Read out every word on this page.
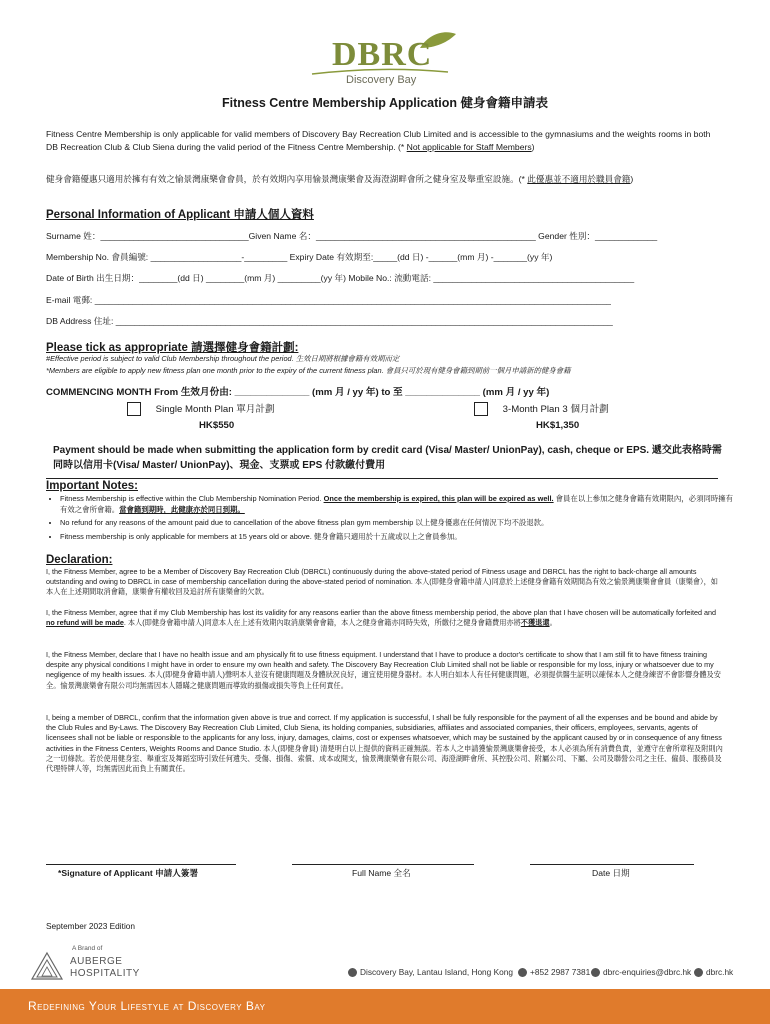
DBRC
Discovery Bay
Fitness Centre Membership Application 健身會籍申請表
Fitness Centre Membership is only applicable for valid members of Discovery Bay Recreation Club Limited and is accessible to the gymnasiums and the weights rooms in both DB Recreation Club & Club Siena during the valid period of the Fitness Centre Membership. (* Not applicable for Staff Members)
健身會籍優惠只適用於擁有有效之愉景灣康樂會會員，於有效期內享用愉景灣康樂會及海澄湖畔會所之健身室及舉重室設施。(* 此優惠並不適用於職員會籍)
Personal Information of Applicant 申請人個人資料
Surname 姓：_______________________________Given Name 名：______________________________________________ Gender 性別：_____________
Membership No. 會員編號: ___________________-_________ Expiry Date 有效期至:_____(dd 日) -______(mm 月) -_______(yy 年)
Date of Birth 出生日期：________(dd 日) ________(mm 月) _________(yy 年) Mobile No.: 流動電話: __________________________________________
E-mail 電郵: ____________________________________________________________________________________________________________
DB Address 住址: ________________________________________________________________________________________________________
Please tick as appropriate 請選擇健身會籍計劃:
#Effective period is subject to valid Club Membership throughout the period. 生效日期將根據會籍有效期而定
*Members are eligible to apply new fitness plan one month prior to the expiry of the current fitness plan. 會員只可於現有健身會籍到期前一個月申請新的健身會籍
COMMENCING MONTH From 生效月份由: ______________ (mm 月 / yy 年) to 至 ______________ (mm 月 / yy 年)
Single Month Plan 單月計劃
HK$550
3-Month Plan 3 個月計劃
HK$1,350
Payment should be made when submitting the application form by credit card (Visa/ Master/ UnionPay), cash, cheque or EPS. 遞交此表格時需同時以信用卡(Visa/ Master/ UnionPay)、現金、支票或 EPS 付款繳付費用
Important Notes:
• Fitness Membership is effective within the Club Membership Nomination Period. Once the membership is expired, this plan will be expired as well. 會員在以上參加之健身會籍有效期限內，必須同時擁有有效之會所會籍。當會籍到期時，此健康亦於同日到期。
• No refund for any reasons of the amount paid due to cancellation of the above fitness plan gym membership 以上健身優惠在任何情況下均不設退款。
• Fitness membership is only applicable for members at 15 years old or above. 健身會籍只適用於十五歲或以上之會員參加。
Declaration:
I, the Fitness Member, agree to be a Member of Discovery Bay Recreation Club (DBRCL) continuously during the above-stated period of Fitness usage and DBRCL has the right to back-charge all amounts outstanding and owing to DBRCL in case of membership cancellation during the above-stated period of nomination. 本人(即健身會籍申請人)同意於上述健身會籍有效期間為有效之愉景灣康樂會會員（康樂會），如本人在上述期間取消會籍，康樂會有權收回及追討所有康樂會的欠款。
I, the Fitness Member, agree that if my Club Membership has lost its validity for any reasons earlier than the above fitness membership period, the above plan that I have chosen will be automatically forfeited and no refund will be made. 本人(即健身會籍申請人)同意本人在上述有效期內取消康樂會會籍，本人之健身會籍亦同時失效，所繳付之健身會籍費用亦將不獲退還。
I, the Fitness Member, declare that I have no health issue and am physically fit to use fitness equipment. I understand that I have to produce a doctor's certificate to show that I am still fit to have fitness training despite any physical conditions I might have in order to ensure my own health and safety. The Discovery Bay Recreation Club Limited shall not be liable or responsible for my loss, injury or whatsoever due to my negligence of my health issues. 本人(即健身會籍申請人)聲明本人並沒有健康問題及身體狀況良好，適宜使用健身器材。本人明白如本人有任何健康問題，必須提供醫生証明以確保本人之健身練習不會影響身體及安全。愉景灣康樂會有限公司均無需因本人隱瞞之健康問題而導致的損傷或損失等負上任何責任。
I, being a member of DBRCL, confirm that the information given above is true and correct. If my application is successful, I shall be fully responsible for the payment of all the expenses and be bound and abide by the Club Rules and By-Laws. The Discovery Bay Recreation Club Limited, Club Siena, its holding companies, subsidiaries, affiliates and associated companies, their officers, employees, servants, agents of licensees shall not be liable or responsible to the applicants for any loss, injury, damages, claims, cost or expenses whatsoever, which may be sustained by the applicant caused by or in consequence of any fitness activities in the Fitness Centers, Weights Rooms and Dance Studio. 本人(即健身會員) 清楚明白以上提供的資料正確無誤。若本人之申請獲愉景灣康樂會接受，本人必須為所有消費負責，並遵守在會所章程及附則內之一切條款。若於使用健身室、舉重室及舞蹈室時引致任何遺失、受傷、損傷、索償、成本或開支，愉景灣康樂會有限公司、海澄湖畔會所、其控股公司、附屬公司、下屬、公司及聯營公司之主任、僱員、服務員及代理特牌人等，均無需因此而負上有關責任。
*Signature of Applicant 申請人簽署	Full Name 全名	Date 日期
September 2023 Edition
A Brand of
AUBERGE
HOSPITALITY	Discovery Bay, Lantau Island, Hong Kong	+852 2987 7381	dbrc-enquiries@dbrc.hk	dbrc.hk
Redefining Your Lifestyle at Discovery Bay
